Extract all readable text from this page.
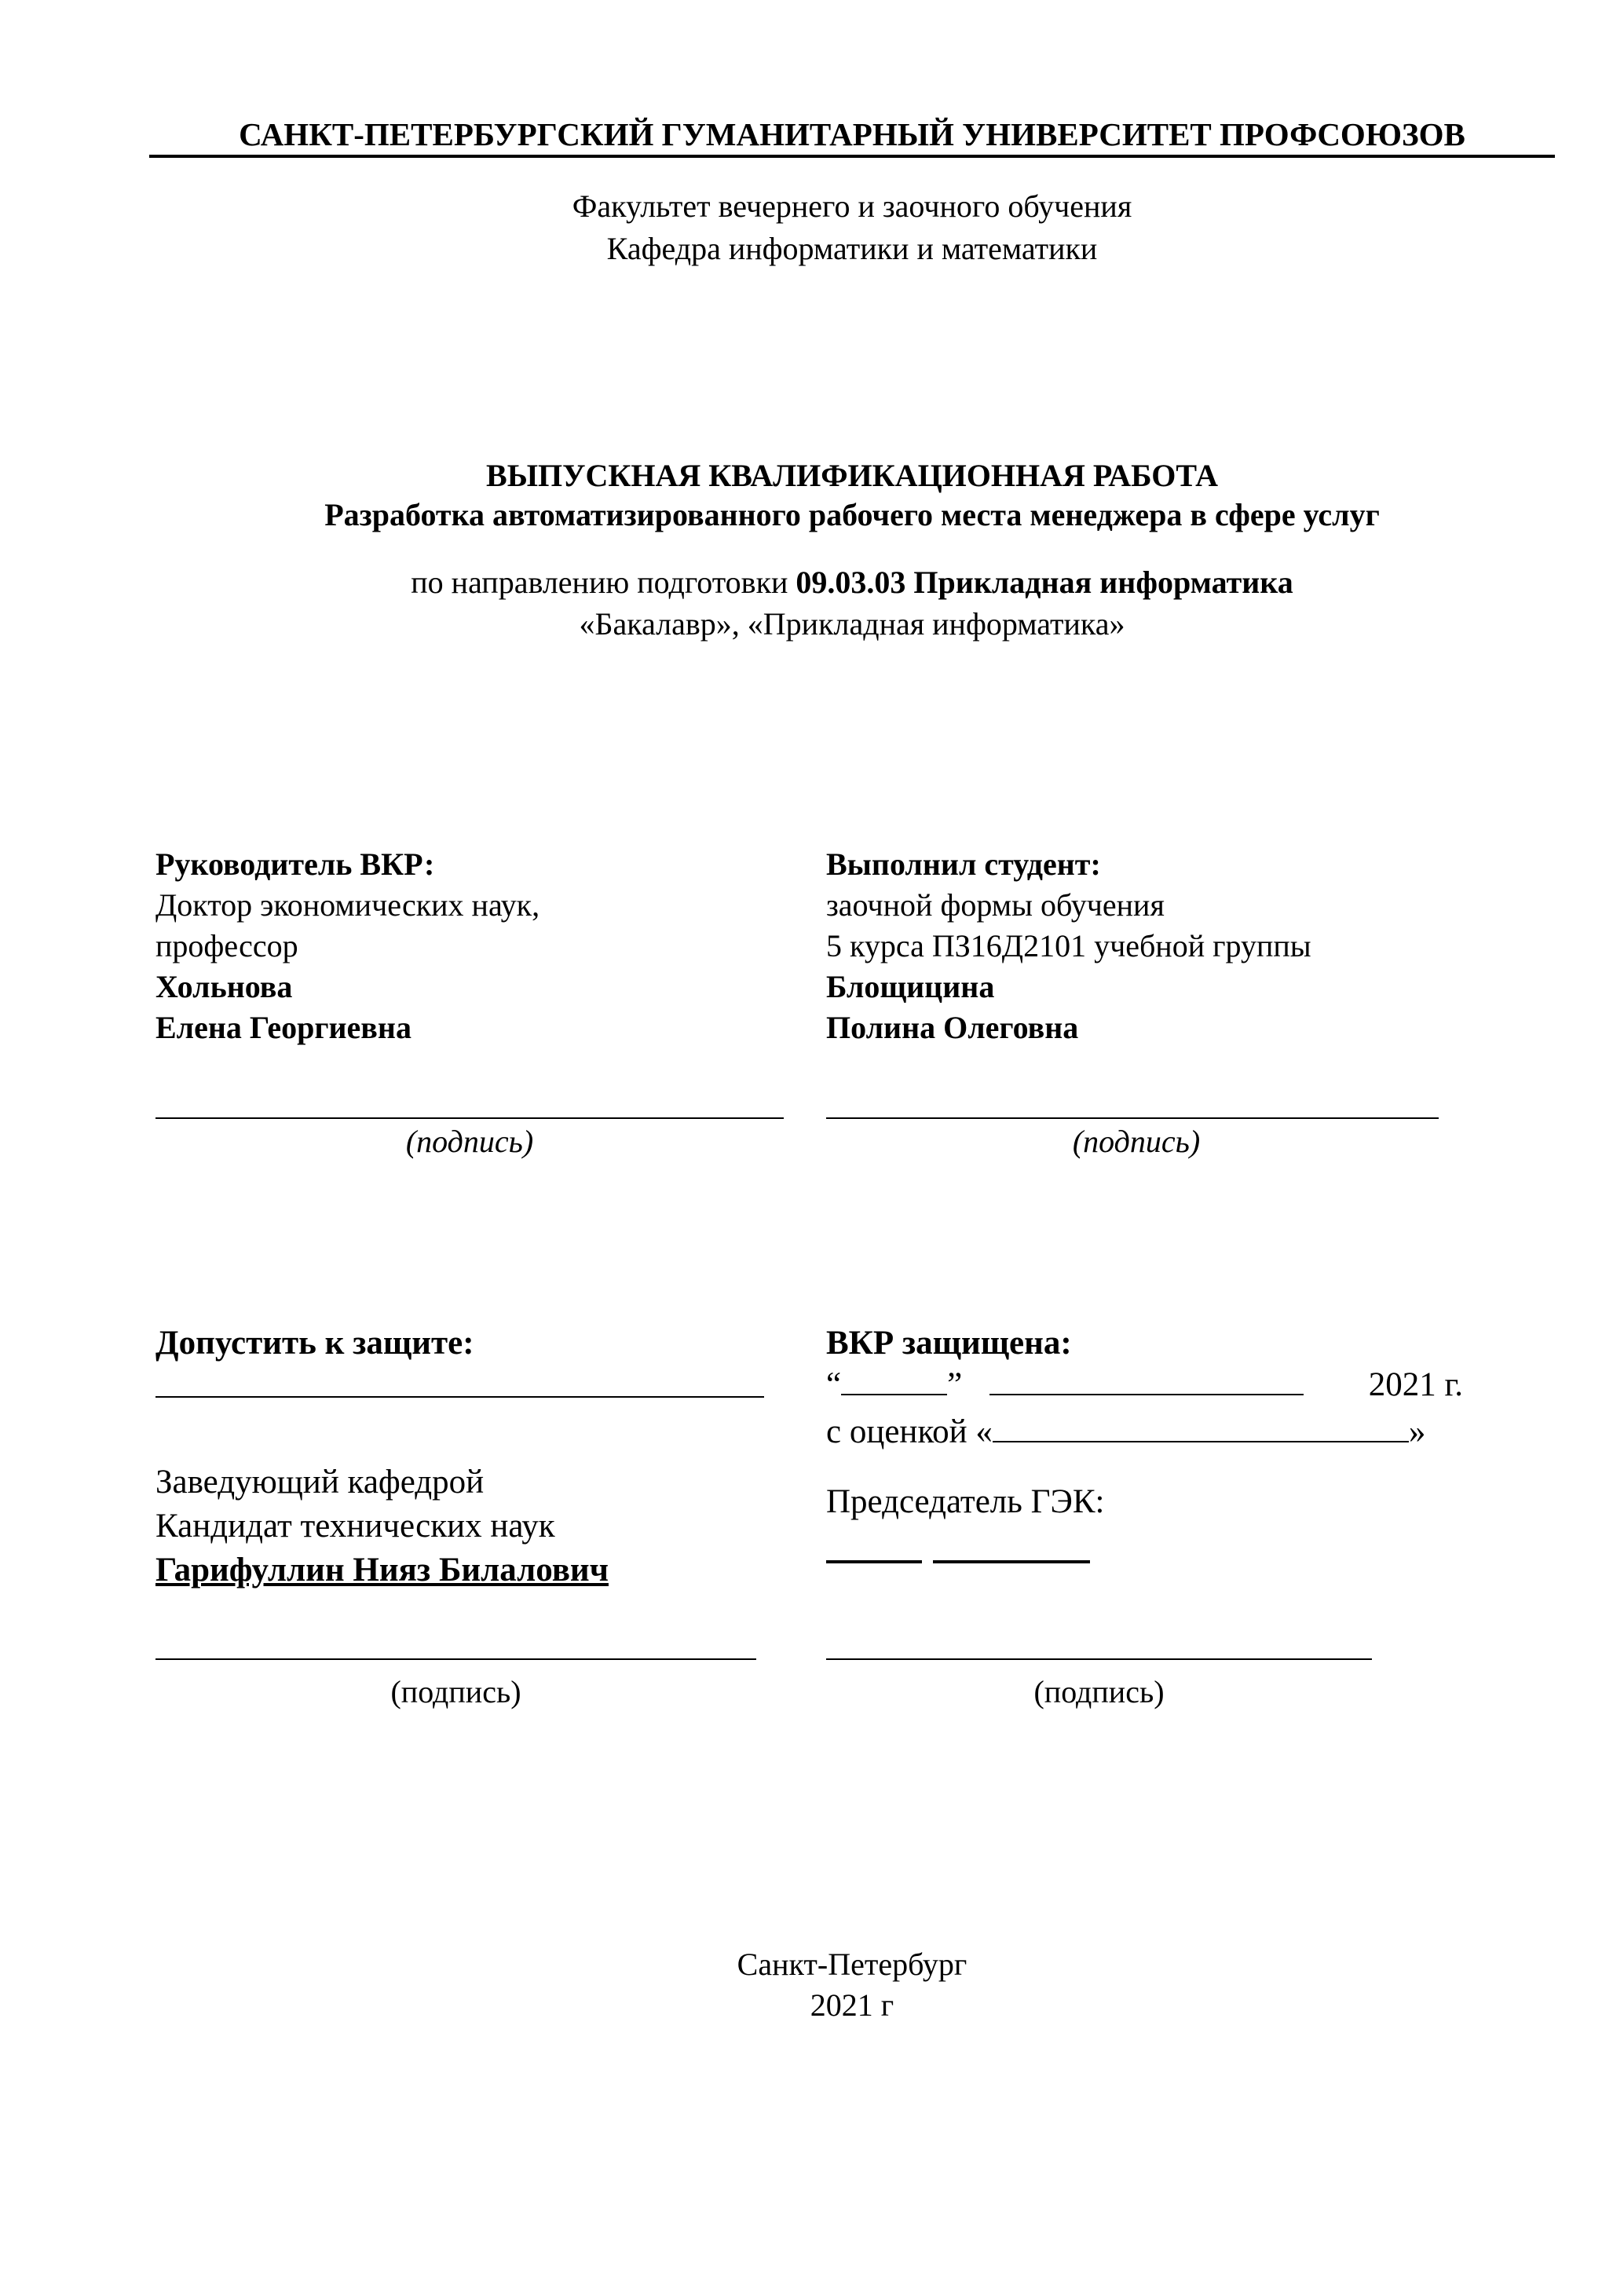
САНКТ-ПЕТЕРБУРГСКИЙ ГУМАНИТАРНЫЙ УНИВЕРСИТЕТ ПРОФСОЮЗОВ
Факультет вечернего и заочного обучения
Кафедра информатики и математики
ВЫПУСКНАЯ КВАЛИФИКАЦИОННАЯ РАБОТА
Разработка автоматизированного рабочего места менеджера в сфере услуг
по направлению подготовки 09.03.03 Прикладная информатика
«Бакалавр», «Прикладная информатика»
Руководитель ВКР:
Доктор экономических наук,
профессор
Хольнова
Елена Георгиевна
(подпись)
Выполнил студент:
заочной формы обучения
5 курса ПЗ16Д2101 учебной группы
Блощицина
Полина Олеговна
(подпись)
Допустить к защите:
Заведующий кафедрой
Кандидат технических наук
Гарифуллин Нияз Билалович
(подпись)
ВКР защищена:
“	”	2021 г.
с оценкой «	»
Председатель ГЭК:
(подпись)
Санкт-Петербург
2021 г
